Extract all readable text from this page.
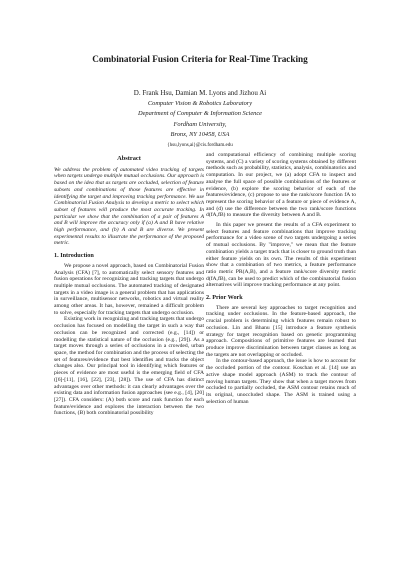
Combinatorial Fusion Criteria for Real-Time Tracking
D. Frank Hsu, Damian M. Lyons and Jizhou Ai
Computer Vision & Robotics Laboratory
Department of Computer & Information Science
Fordham University,
Bronx, NY 10458, USA
{hsu,lyons,ai}@cis.fordham.edu
Abstract

We address the problem of automated video tracking of targets when targets undergo multiple mutual occlusions. Our approach is based on the idea that as targets are occluded, selection of feature subsets and combinations of those features are effective in identifying the target and improving tracking performance. We use Combinatorial Fusion Analysis to develop a metric to select which subset of features will produce the most accurate tracking. In particular we show that the combination of a pair of features A and B will improve the accuracy only if (a) A and B have relative high performance, and (b) A and B are diverse. We present experimental results to illustrate the performance of the proposed metric.

1. Introduction

We propose a novel approach, based on Combinatorial Fusion Analysis (CFA) [7], to automatically select sensory features and fusion operations for recognizing and tracking targets that undergo multiple mutual occlusions. The automated tracking of designated targets in a video image is a general problem that has applications in surveillance, multisensor networks, robotics and virtual reality among other areas. It has, however, remained a difficult problem to solve, especially for tracking targets that undergo occlusion.

Existing work in recognizing and tracking targets that undergo occlusion has focused on modelling the target in such a way that occlusion can be recognized and corrected (e.g., [14]) or modelling the statistical nature of the occlusion (e.g., [29]). As a target moves through a series of occlusions in a crowded, urban space, the method for combination and the process of selecting the set of features/evidence that best identifies and tracks the object changes also. Our principal tool in identifying which features or pieces of evidence are most useful is the emerging field of CFA ([6]-[11], [16], [22], [23], [28]). The use of CFA has distinct advantages over other methods: it can clearly advantages over the existing data and information fusion approaches (see e.g., [4], [20][27]). CFA considers: (A) both score and rank function for each feature/evidence and explores the interaction between the two functions, (B) both combinatorial possibility

and computational efficiency of combining multiple scoring systems, and (C) a variety of scoring systems obtained by different methods such as probability, statistics, analysis, combinatorics and computation. In our project, we (a) adopt CFA to inspect and analyse the full space of possible combinations of the features or evidence, (b) explore the scoring behavior of each of the features/evidence, (c) propose to use the rank/score function fA to represent the scoring behavior of a feature or piece of evidence A, and (d) use the difference between the two rank/score functions d(fA,fB) to measure the diversity between A and B.

In this paper we present the results of a CFA experiment to select features and feature combinations that improve tracking performance for a video scene of two targets undergoing a series of mutual occlusions. By "improve," we mean that the feature combination yields a target track that is closer to ground truth than either feature yields on its own. The results of this experiment show that a combination of two metrics, a feature performance ratio metric PR(A,B), and a feature rank/score diversity metric d(fA,fB), can be used to predict which of the combinatorial fusion alternatives will improve tracking performance at any point.

2. Prior Work

There are several key approaches to target recognition and tracking under occlusions. In the feature-based approach, the crucial problem is determining which features remain robust to occlusion. Lin and Bhanu [15] introduce a feature synthesis strategy for target recognition based on genetic programming approach. Compositions of primitive features are learned that produce improve discrimination between target classes as long as the targets are not overlapping or occluded.

In the contour-based approach, the issue is how to account for the occluded portion of the contour. Koschan et al. [14] use an active shape model approach (ASM) to track the contour of moving human targets. They show that when a target moves from occluded to partially occluded, the ASM contour retains much of its original, unoccluded shape. The ASM is trained using a selection of human
